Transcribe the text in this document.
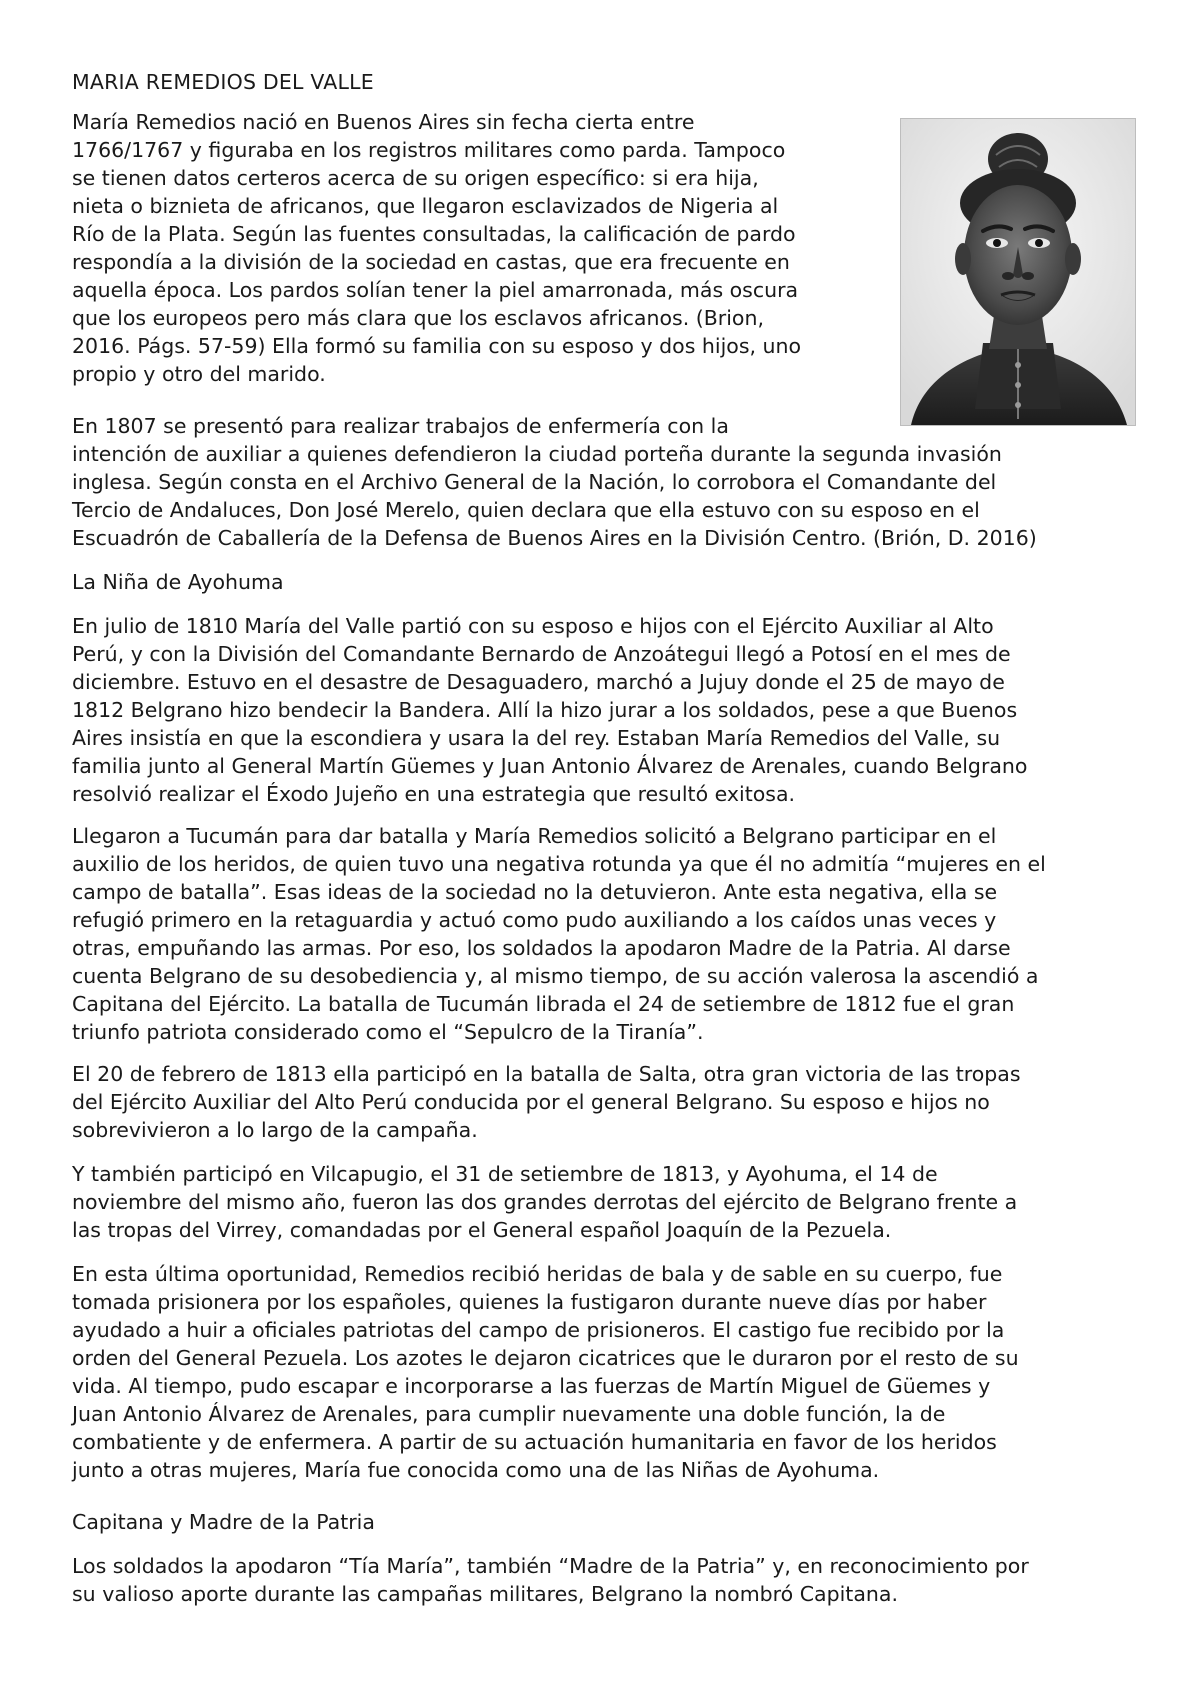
MARIA REMEDIOS DEL VALLE

María Remedios nació en Buenos Aires sin fecha cierta entre
1766/1767 y figuraba en los registros militares como parda. Tampoco
se tienen datos certeros acerca de su origen específico: si era hija,
nieta o biznieta de africanos, que llegaron esclavizados de Nigeria al
Río de la Plata. Según las fuentes consultadas, la calificación de pardo
respondía a la división de la sociedad en castas, que era frecuente en
aquella época. Los pardos solían tener la piel amarronada, más oscura
que los europeos pero más clara que los esclavos africanos. (Brion,
2016. Págs. 57-59) Ella formó su familia con su esposo y dos hijos, uno
propio y otro del marido.

En 1807 se presentó para realizar trabajos de enfermería con la
intención de auxiliar a quienes defendieron la ciudad porteña durante la segunda invasión
inglesa. Según consta en el Archivo General de la Nación, lo corrobora el Comandante del
Tercio de Andaluces, Don José Merelo, quien declara que ella estuvo con su esposo en el
Escuadrón de Caballería de la Defensa de Buenos Aires en la División Centro. (Brión, D. 2016)

La Niña de Ayohuma

En julio de 1810 María del Valle partió con su esposo e hijos con el Ejército Auxiliar al Alto
Perú, y con la División del Comandante Bernardo de Anzoátegui llegó a Potosí en el mes de
diciembre. Estuvo en el desastre de Desaguadero, marchó a Jujuy donde el 25 de mayo de
1812 Belgrano hizo bendecir la Bandera. Allí la hizo jurar a los soldados, pese a que Buenos
Aires insistía en que la escondiera y usara la del rey. Estaban María Remedios del Valle, su
familia junto al General Martín Güemes y Juan Antonio Álvarez de Arenales, cuando Belgrano
resolvió realizar el Éxodo Jujeño en una estrategia que resultó exitosa.

Llegaron a Tucumán para dar batalla y María Remedios solicitó a Belgrano participar en el
auxilio de los heridos, de quien tuvo una negativa rotunda ya que él no admitía “mujeres en el
campo de batalla”. Esas ideas de la sociedad no la detuvieron. Ante esta negativa, ella se
refugió primero en la retaguardia y actuó como pudo auxiliando a los caídos unas veces y
otras, empuñando las armas. Por eso, los soldados la apodaron Madre de la Patria. Al darse
cuenta Belgrano de su desobediencia y, al mismo tiempo, de su acción valerosa la ascendió a
Capitana del Ejército. La batalla de Tucumán librada el 24 de setiembre de 1812 fue el gran
triunfo patriota considerado como el “Sepulcro de la Tiranía”.

El 20 de febrero de 1813 ella participó en la batalla de Salta, otra gran victoria de las tropas
del Ejército Auxiliar del Alto Perú conducida por el general Belgrano. Su esposo e hijos no
sobrevivieron a lo largo de la campaña.

Y también participó en Vilcapugio, el 31 de setiembre de 1813, y Ayohuma, el 14 de
noviembre del mismo año, fueron las dos grandes derrotas del ejército de Belgrano frente a
las tropas del Virrey, comandadas por el General español Joaquín de la Pezuela.

En esta última oportunidad, Remedios recibió heridas de bala y de sable en su cuerpo, fue
tomada prisionera por los españoles, quienes la fustigaron durante nueve días por haber
ayudado a huir a oficiales patriotas del campo de prisioneros. El castigo fue recibido por la
orden del General Pezuela. Los azotes le dejaron cicatrices que le duraron por el resto de su
vida. Al tiempo, pudo escapar e incorporarse a las fuerzas de Martín Miguel de Güemes y
Juan Antonio Álvarez de Arenales, para cumplir nuevamente una doble función, la de
combatiente y de enfermera. A partir de su actuación humanitaria en favor de los heridos
junto a otras mujeres, María fue conocida como una de las Niñas de Ayohuma.

Capitana y Madre de la Patria

Los soldados la apodaron “Tía María”, también “Madre de la Patria” y, en reconocimiento por
su valioso aporte durante las campañas militares, Belgrano la nombró Capitana.
